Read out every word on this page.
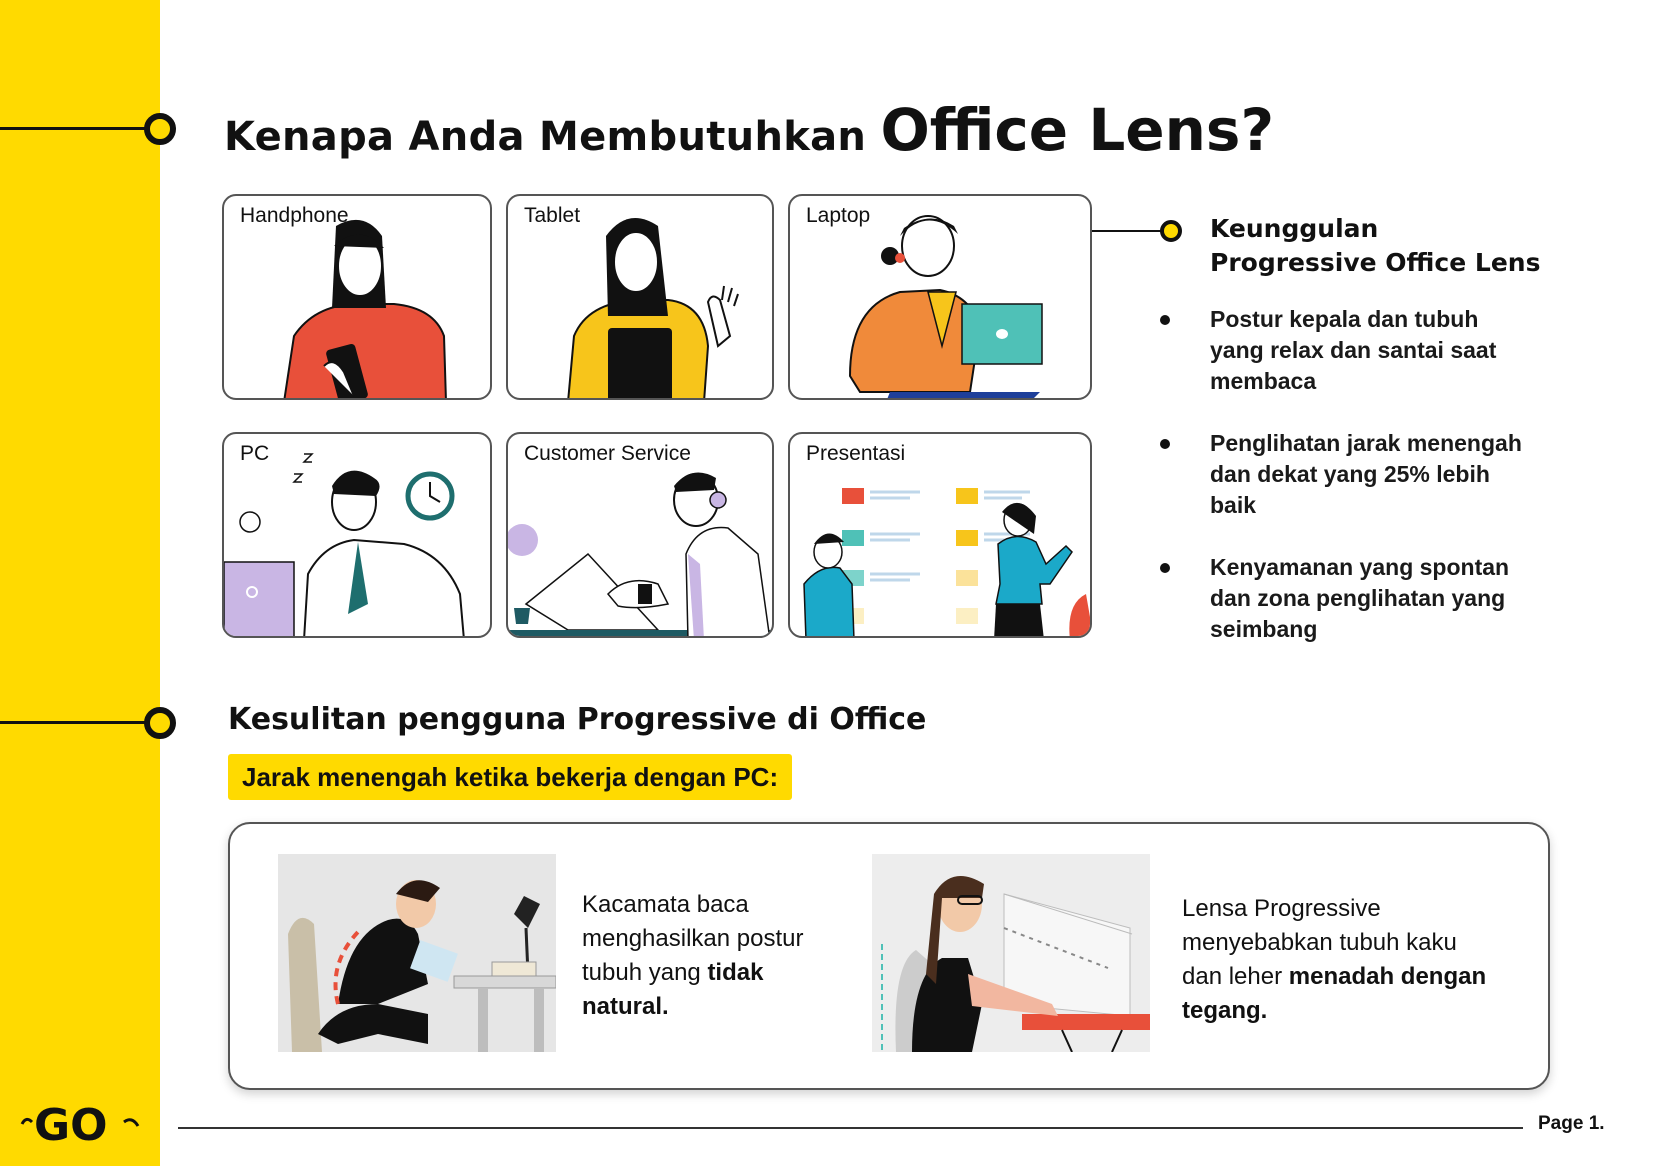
Kenapa Anda Membutuhkan Office Lens?
Handphone	Tablet	Laptop
PC	Customer Service	Presentasi
Keunggulan
Progressive Office Lens
Postur kepala dan tubuh
yang relax dan santai saat
membaca
Penglihatan jarak menengah
dan dekat yang 25% lebih
baik
Kenyamanan yang spontan
dan zona penglihatan yang
seimbang
Kesulitan pengguna Progressive di Office
Jarak menengah ketika bekerja dengan PC:
Kacamata baca
menghasilkan postur
tubuh yang tidak
natural.
Lensa Progressive
menyebabkan tubuh kaku
dan leher menadah dengan
tegang.
GO	Page 1.
